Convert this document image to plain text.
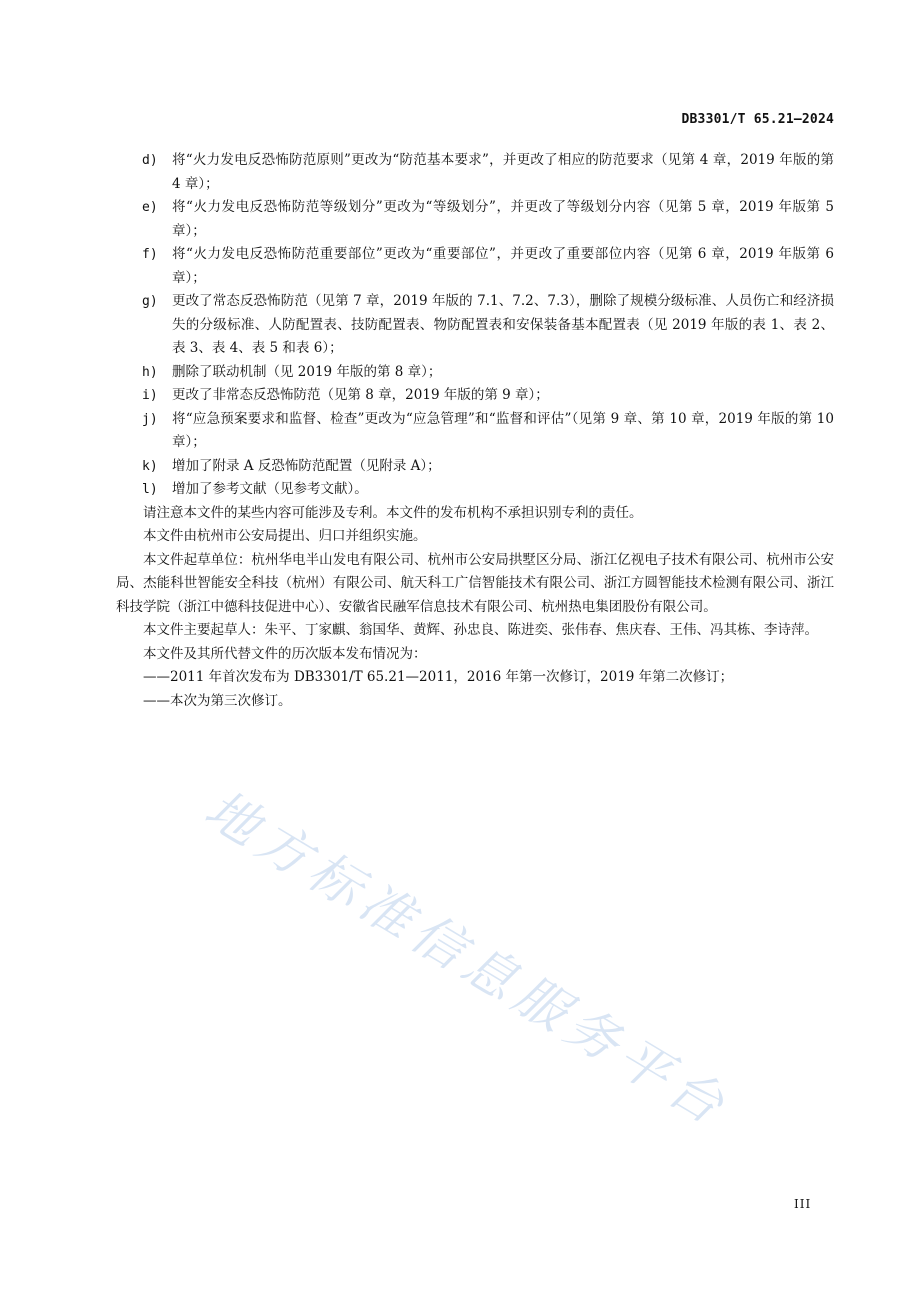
DB3301/T 65.21—2024
d)	将“火力发电反恐怖防范原则”更改为“防范基本要求”，并更改了相应的防范要求（见第 4 章，2019 年版的第 4 章）；
e)	将“火力发电反恐怖防范等级划分”更改为“等级划分”，并更改了等级划分内容（见第 5 章，2019 年版第 5 章）；
f)	将“火力发电反恐怖防范重要部位”更改为“重要部位”，并更改了重要部位内容（见第 6 章，2019 年版第 6 章）；
g)	更改了常态反恐怖防范（见第 7 章，2019 年版的 7.1、7.2、7.3），删除了规模分级标准、人员伤亡和经济损失的分级标准、人防配置表、技防配置表、物防配置表和安保装备基本配置表（见 2019 年版的表 1、表 2、表 3、表 4、表 5 和表 6）；
h)	删除了联动机制（见 2019 年版的第 8 章）；
i)	更改了非常态反恐怖防范（见第 8 章，2019 年版的第 9 章）；
j)	将“应急预案要求和监督、检查”更改为“应急管理”和“监督和评估”（见第 9 章、第 10 章，2019 年版的第 10 章）；
k)	增加了附录 A 反恐怖防范配置（见附录 A）；
l)	增加了参考文献（见参考文献）。

请注意本文件的某些内容可能涉及专利。本文件的发布机构不承担识别专利的责任。

本文件由杭州市公安局提出、归口并组织实施。

本文件起草单位：杭州华电半山发电有限公司、杭州市公安局拱墅区分局、浙江亿视电子技术有限公司、杭州市公安局、杰能科世智能安全科技（杭州）有限公司、航天科工广信智能技术有限公司、浙江方圆智能技术检测有限公司、浙江科技学院（浙江中德科技促进中心）、安徽省民融军信息技术有限公司、杭州热电集团股份有限公司。

本文件主要起草人：朱平、丁家麒、翁国华、黄辉、孙忠良、陈进奕、张伟春、焦庆春、王伟、冯其栋、李诗萍。

本文件及其所代替文件的历次版本发布情况为：

——2011 年首次发布为 DB3301/T 65.21—2011，2016 年第一次修订，2019 年第二次修订；

——本次为第三次修订。

地方标准信息服务平台
III
